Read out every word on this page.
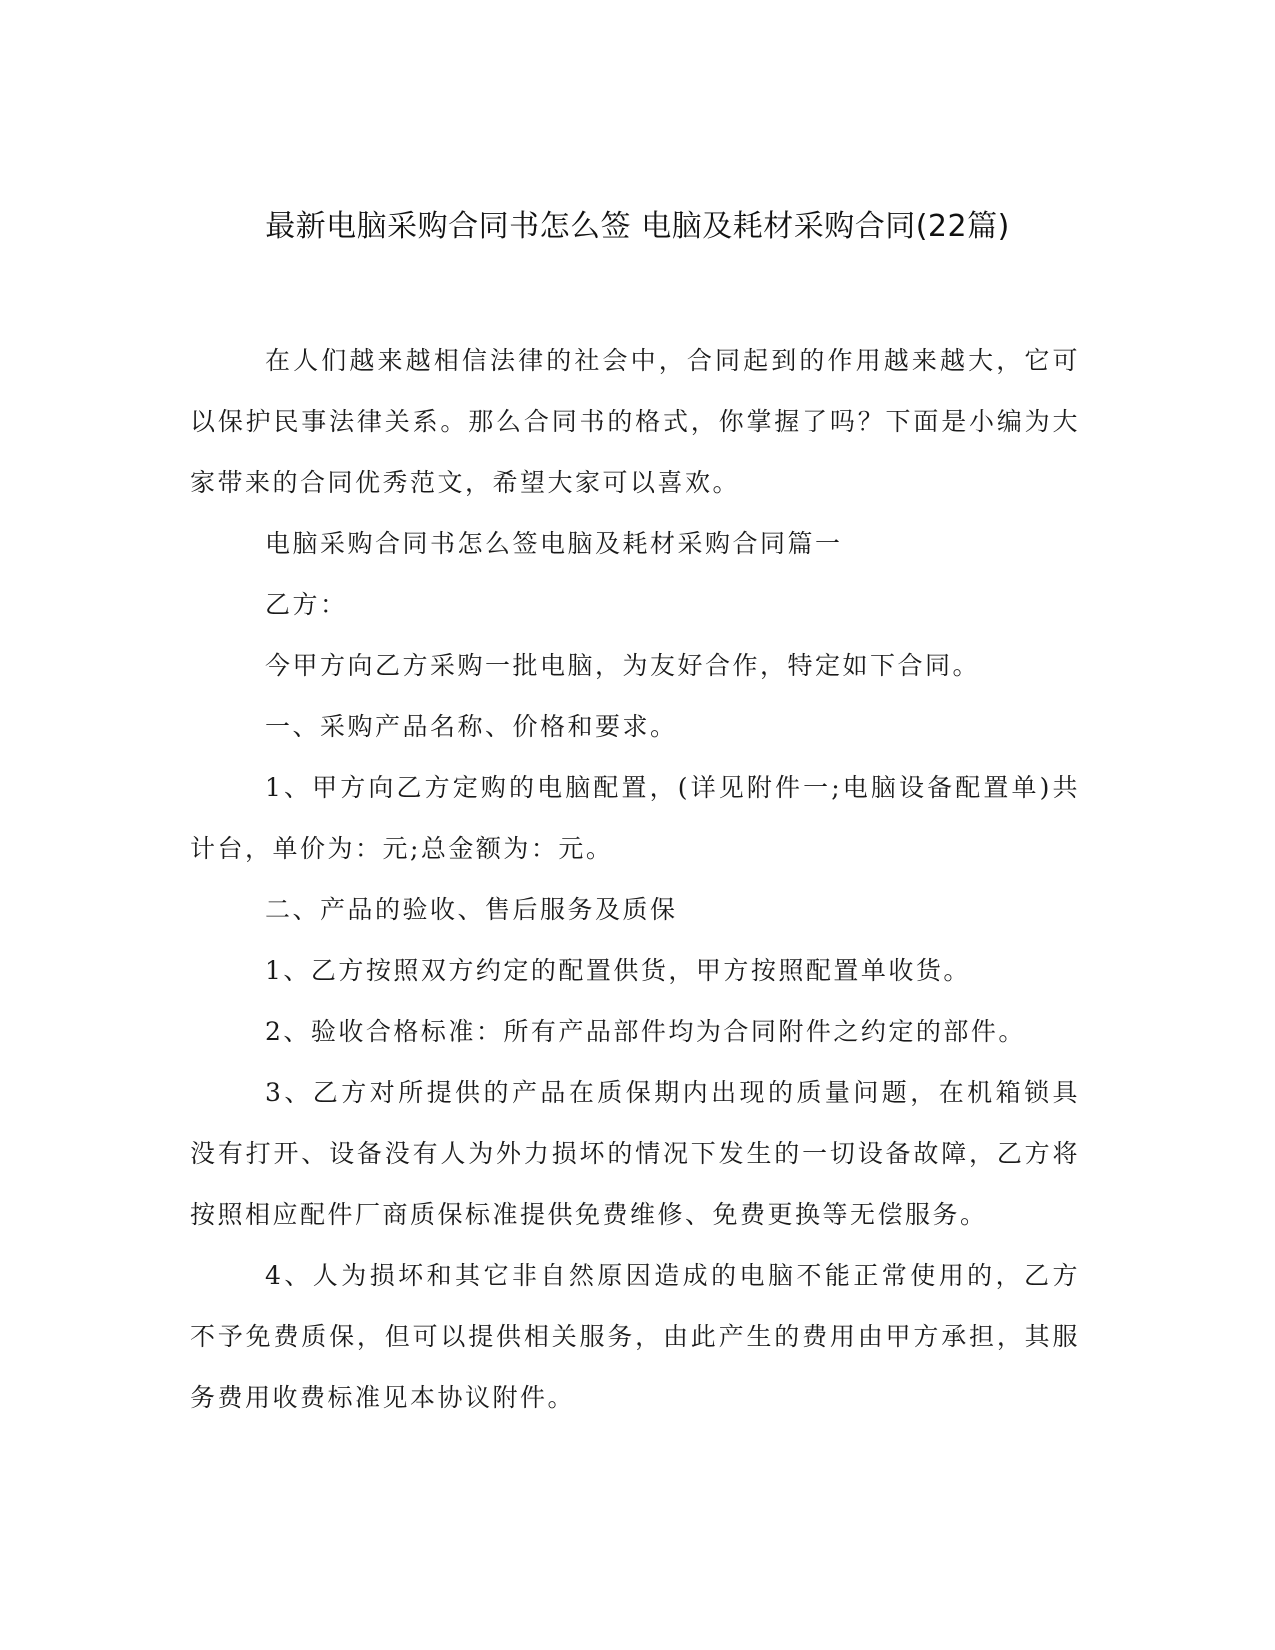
最新电脑采购合同书怎么签 电脑及耗材采购合同(22篇)

在人们越来越相信法律的社会中，合同起到的作用越来越大，它可以保护民事法律关系。那么合同书的格式，你掌握了吗？下面是小编为大家带来的合同优秀范文，希望大家可以喜欢。

电脑采购合同书怎么签电脑及耗材采购合同篇一

乙方：

今甲方向乙方采购一批电脑，为友好合作，特定如下合同。

一、采购产品名称、价格和要求。

1、甲方向乙方定购的电脑配置，(详见附件一;电脑设备配置单)共计台，单价为：元;总金额为：元。

二、产品的验收、售后服务及质保

1、乙方按照双方约定的配置供货，甲方按照配置单收货。

2、验收合格标准：所有产品部件均为合同附件之约定的部件。

3、乙方对所提供的产品在质保期内出现的质量问题，在机箱锁具没有打开、设备没有人为外力损坏的情况下发生的一切设备故障，乙方将按照相应配件厂商质保标准提供免费维修、免费更换等无偿服务。

4、人为损坏和其它非自然原因造成的电脑不能正常使用的，乙方不予免费质保，但可以提供相关服务，由此产生的费用由甲方承担，其服务费用收费标准见本协议附件。
